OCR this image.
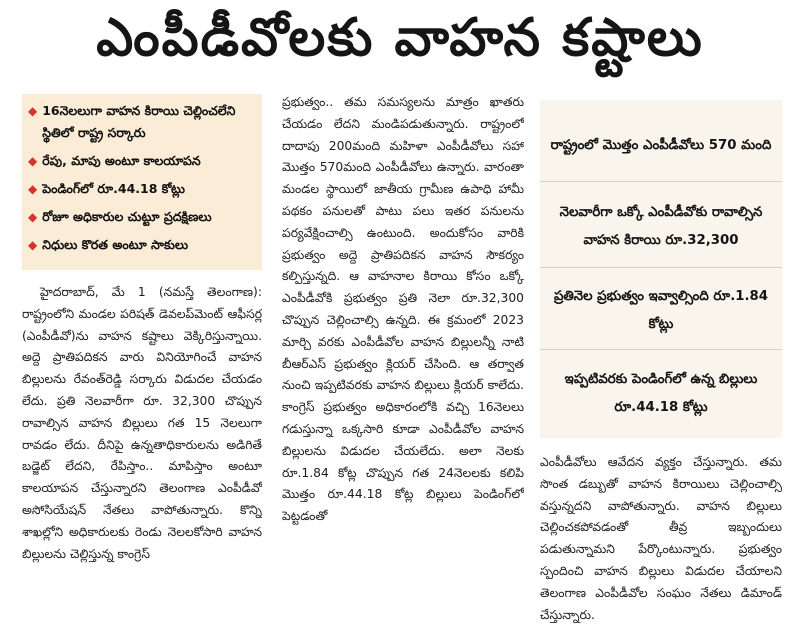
ఎంపీడీవోలకు వాహన కష్టాలు
◆ 16నెలలుగా వాహన కిరాయి చెల్లించలేని స్థితిలో రాష్ట్ర సర్కారు
◆ రేపు, మాపు అంటూ కాలయాపన
◆ పెండింగ్‌లో రూ.44.18 కోట్లు
◆ రోజూ అధికారుల చుట్టూ ప్రదక్షిణలు
◆ నిధులు కొరత అంటూ సాకులు
హైదరాబాద్‌, మే 1 (నమస్తే తెలంగాణ): రాష్ట్రంలోని మండల పరిషత్‌ డెవలప్‌మెంట్‌ ఆఫీసర్ల (ఎంపీడీవో)ను వాహన కష్టాలు వెక్కిరిస్తున్నాయి. అద్దె ప్రాతిపదికన వారు వినియోగించే వాహన బిల్లులను రేవంత్‌రెడ్డి సర్కారు విడుదల చేయడం లేదు. ప్రతి నెలవారీగా రూ. 32,300 చొప్పున రావాల్సిన వాహన బిల్లులు గత 15 నెలలుగా రావడం లేదు. దీనిపై ఉన్నతాధికారులను అడిగితే బడ్జెట్‌ లేదని, రేపిస్తాం.. మాపిస్తాం అంటూ కాలయాపన చేస్తున్నారని తెలంగాణ ఎంపీడీవో అసోసియేషన్‌ నేతలు వాపోతున్నారు. కొన్ని శాఖల్లోని అధికారులకు రెండు నెలలకోసారి వాహన బిల్లులను చెల్లిస్తున్న కాంగ్రెస్‌
ప్రభుత్వం.. తమ సమస్యలను మాత్రం ఖాతరు చేయడం లేదని మండిపడుతున్నారు. రాష్ట్రంలో దాదాపు 200మంది మహిళా ఎంపీడీవోలు సహా మొత్తం 570మంది ఎంపీడీవోలు ఉన్నారు. వారంతా మండల స్థాయిలో జాతీయ గ్రామీణ ఉపాధి హామీ పథకం పనులతో పాటు పలు ఇతర పనులను పర్యవేక్షించాల్సి ఉంటుంది. అందుకోసం వారికి ప్రభుత్వం అద్దె ప్రాతిపదికన వాహన సౌకర్యం కల్పిస్తున్నది. ఆ వాహనాల కిరాయి కోసం ఒక్కో ఎంపీడీవోకి ప్రభుత్వం ప్రతి నెలా రూ.32,300 చొప్పున చెల్లించాల్సి ఉన్నది. ఈ క్రమంలో 2023 మార్చి వరకు ఎంపీడీవోల వాహన బిల్లులన్నీ నాటి బీఆర్‌ఎస్‌ ప్రభుత్వం క్లియర్‌ చేసింది. ఆ తర్వాత నుంచి ఇప్పటివరకు వాహన బిల్లులు క్లియర్‌ కాలేదు. కాంగ్రెస్‌ ప్రభుత్వం అధికారంలోకి వచ్చి 16నెలలు గడుస్తున్నా ఒక్కసారి కూడా ఎంపీడీవోల వాహన బిల్లులను విడుదల చేయలేదు. అలా నెలకు రూ.1.84 కోట్ల చొప్పున గత 24నెలలకు కలిపి మొత్తం రూ.44.18 కోట్ల బిల్లులు పెండింగ్‌లో పెట్టడంతో
రాష్ట్రంలో మొత్తం ఎంపీడీవోలు 570 మంది
నెలవారీగా ఒక్కో ఎంపీడీవోకు రావాల్సిన వాహన కిరాయి రూ.32,300
ప్రతినెల ప్రభుత్వం ఇవ్వాల్సింది రూ.1.84 కోట్లు
ఇప్పటివరకు పెండింగ్‌లో ఉన్న బిల్లులు రూ.44.18 కోట్లు
ఎంపీడీవోలు ఆవేదన వ్యక్తం చేస్తున్నారు. తమ సొంత డబ్బుతో వాహన కిరాయిలు చెల్లించాల్సి వస్తున్నదని వాపోతున్నారు. వాహన బిల్లులు చెల్లించకపోవడంతో తీవ్ర ఇబ్బందులు పడుతున్నామని పేర్కొంటున్నారు. ప్రభుత్వం స్పందించి వాహన బిల్లులు విడుదల చేయాలని తెలంగాణ ఎంపీడీవోల సంఘం నేతలు డిమాండ్‌ చేస్తున్నారు.
